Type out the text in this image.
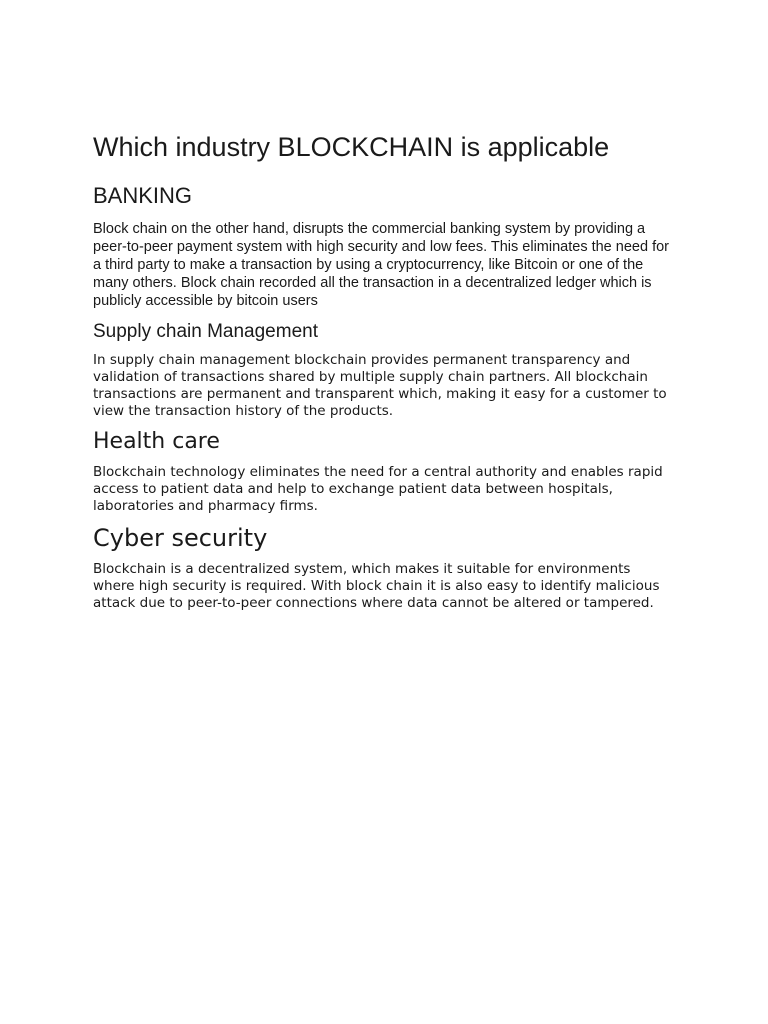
Which industry BLOCKCHAIN is applicable
BANKING

Block chain on the other hand, disrupts the commercial banking system by providing a peer-to-peer payment system with high security and low fees. This eliminates the need for a third party to make a transaction by using a cryptocurrency, like Bitcoin or one of the many others. Block chain recorded all the transaction in a decentralized ledger which is publicly accessible by bitcoin users

Supply chain Management

In supply chain management blockchain provides permanent transparency and validation of transactions shared by multiple supply chain partners. All blockchain transactions are permanent and transparent which, making it easy for a customer to view the transaction history of the products.

Health care

Blockchain technology eliminates the need for a central authority and enables rapid access to patient data and help to exchange patient data between hospitals, laboratories and pharmacy firms.

Cyber security

Blockchain is a decentralized system, which makes it suitable for environments where high security is required. With block chain it is also easy to identify malicious attack due to peer-to-peer connections where data cannot be altered or tampered.
